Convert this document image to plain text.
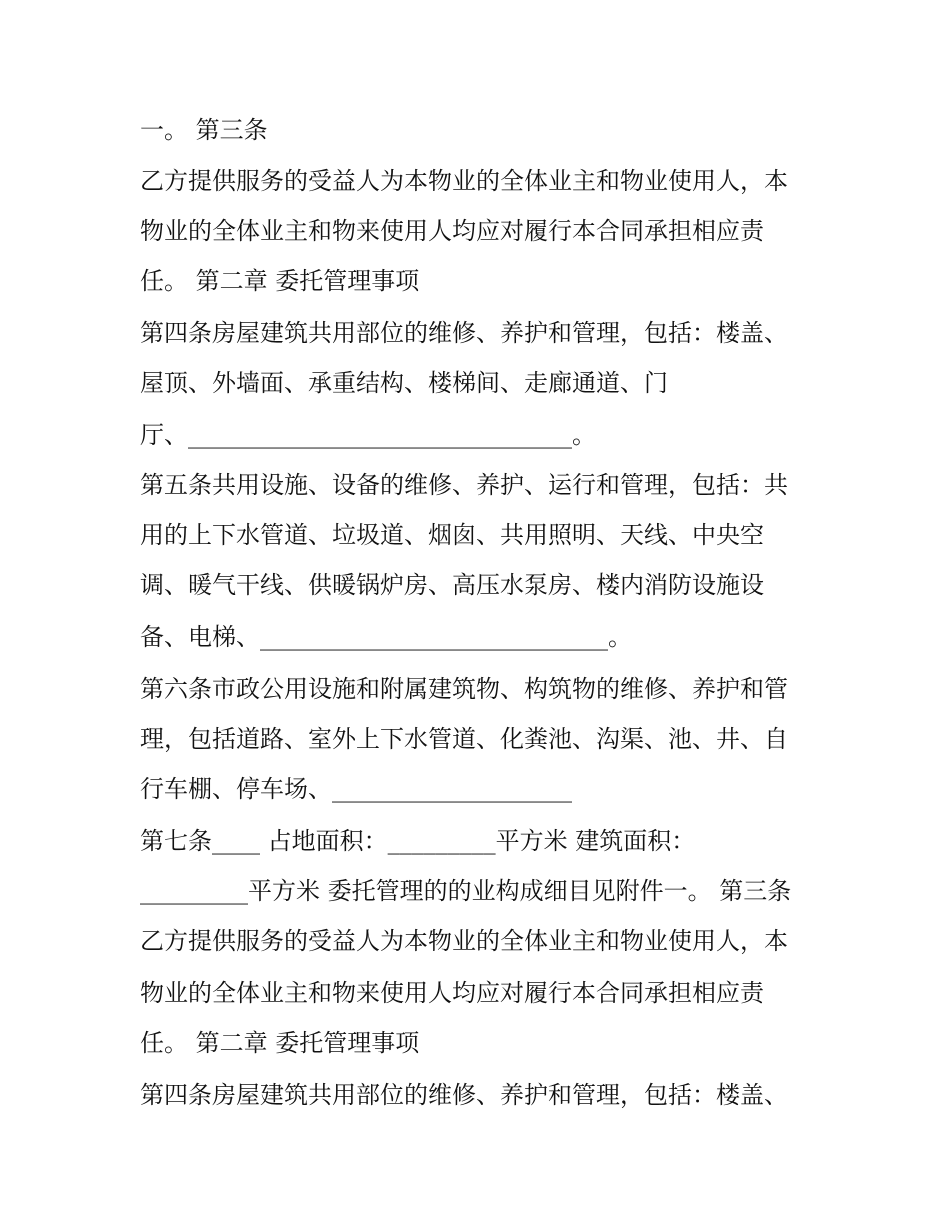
一。 第三条
乙方提供服务的受益人为本物业的全体业主和物业使用人，本
物业的全体业主和物来使用人均应对履行本合同承担相应责
任。 第二章 委托管理事项
第四条房屋建筑共用部位的维修、养护和管理，包括：楼盖、
屋顶、外墙面、承重结构、楼梯间、走廊通道、门
厅、________________________________。
第五条共用设施、设备的维修、养护、运行和管理，包括：共
用的上下水管道、垃圾道、烟囱、共用照明、天线、中央空
调、暖气干线、供暖锅炉房、高压水泵房、楼内消防设施设
备、电梯、_____________________________。
第六条市政公用设施和附属建筑物、构筑物的维修、养护和管
理，包括道路、室外上下水管道、化粪池、沟渠、池、井、自
行车棚、停车场、____________________
第七条____ 占地面积：_________平方米 建筑面积：
_________平方米 委托管理的的业构成细目见附件一。 第三条
乙方提供服务的受益人为本物业的全体业主和物业使用人，本
物业的全体业主和物来使用人均应对履行本合同承担相应责
任。 第二章 委托管理事项
第四条房屋建筑共用部位的维修、养护和管理，包括：楼盖、
